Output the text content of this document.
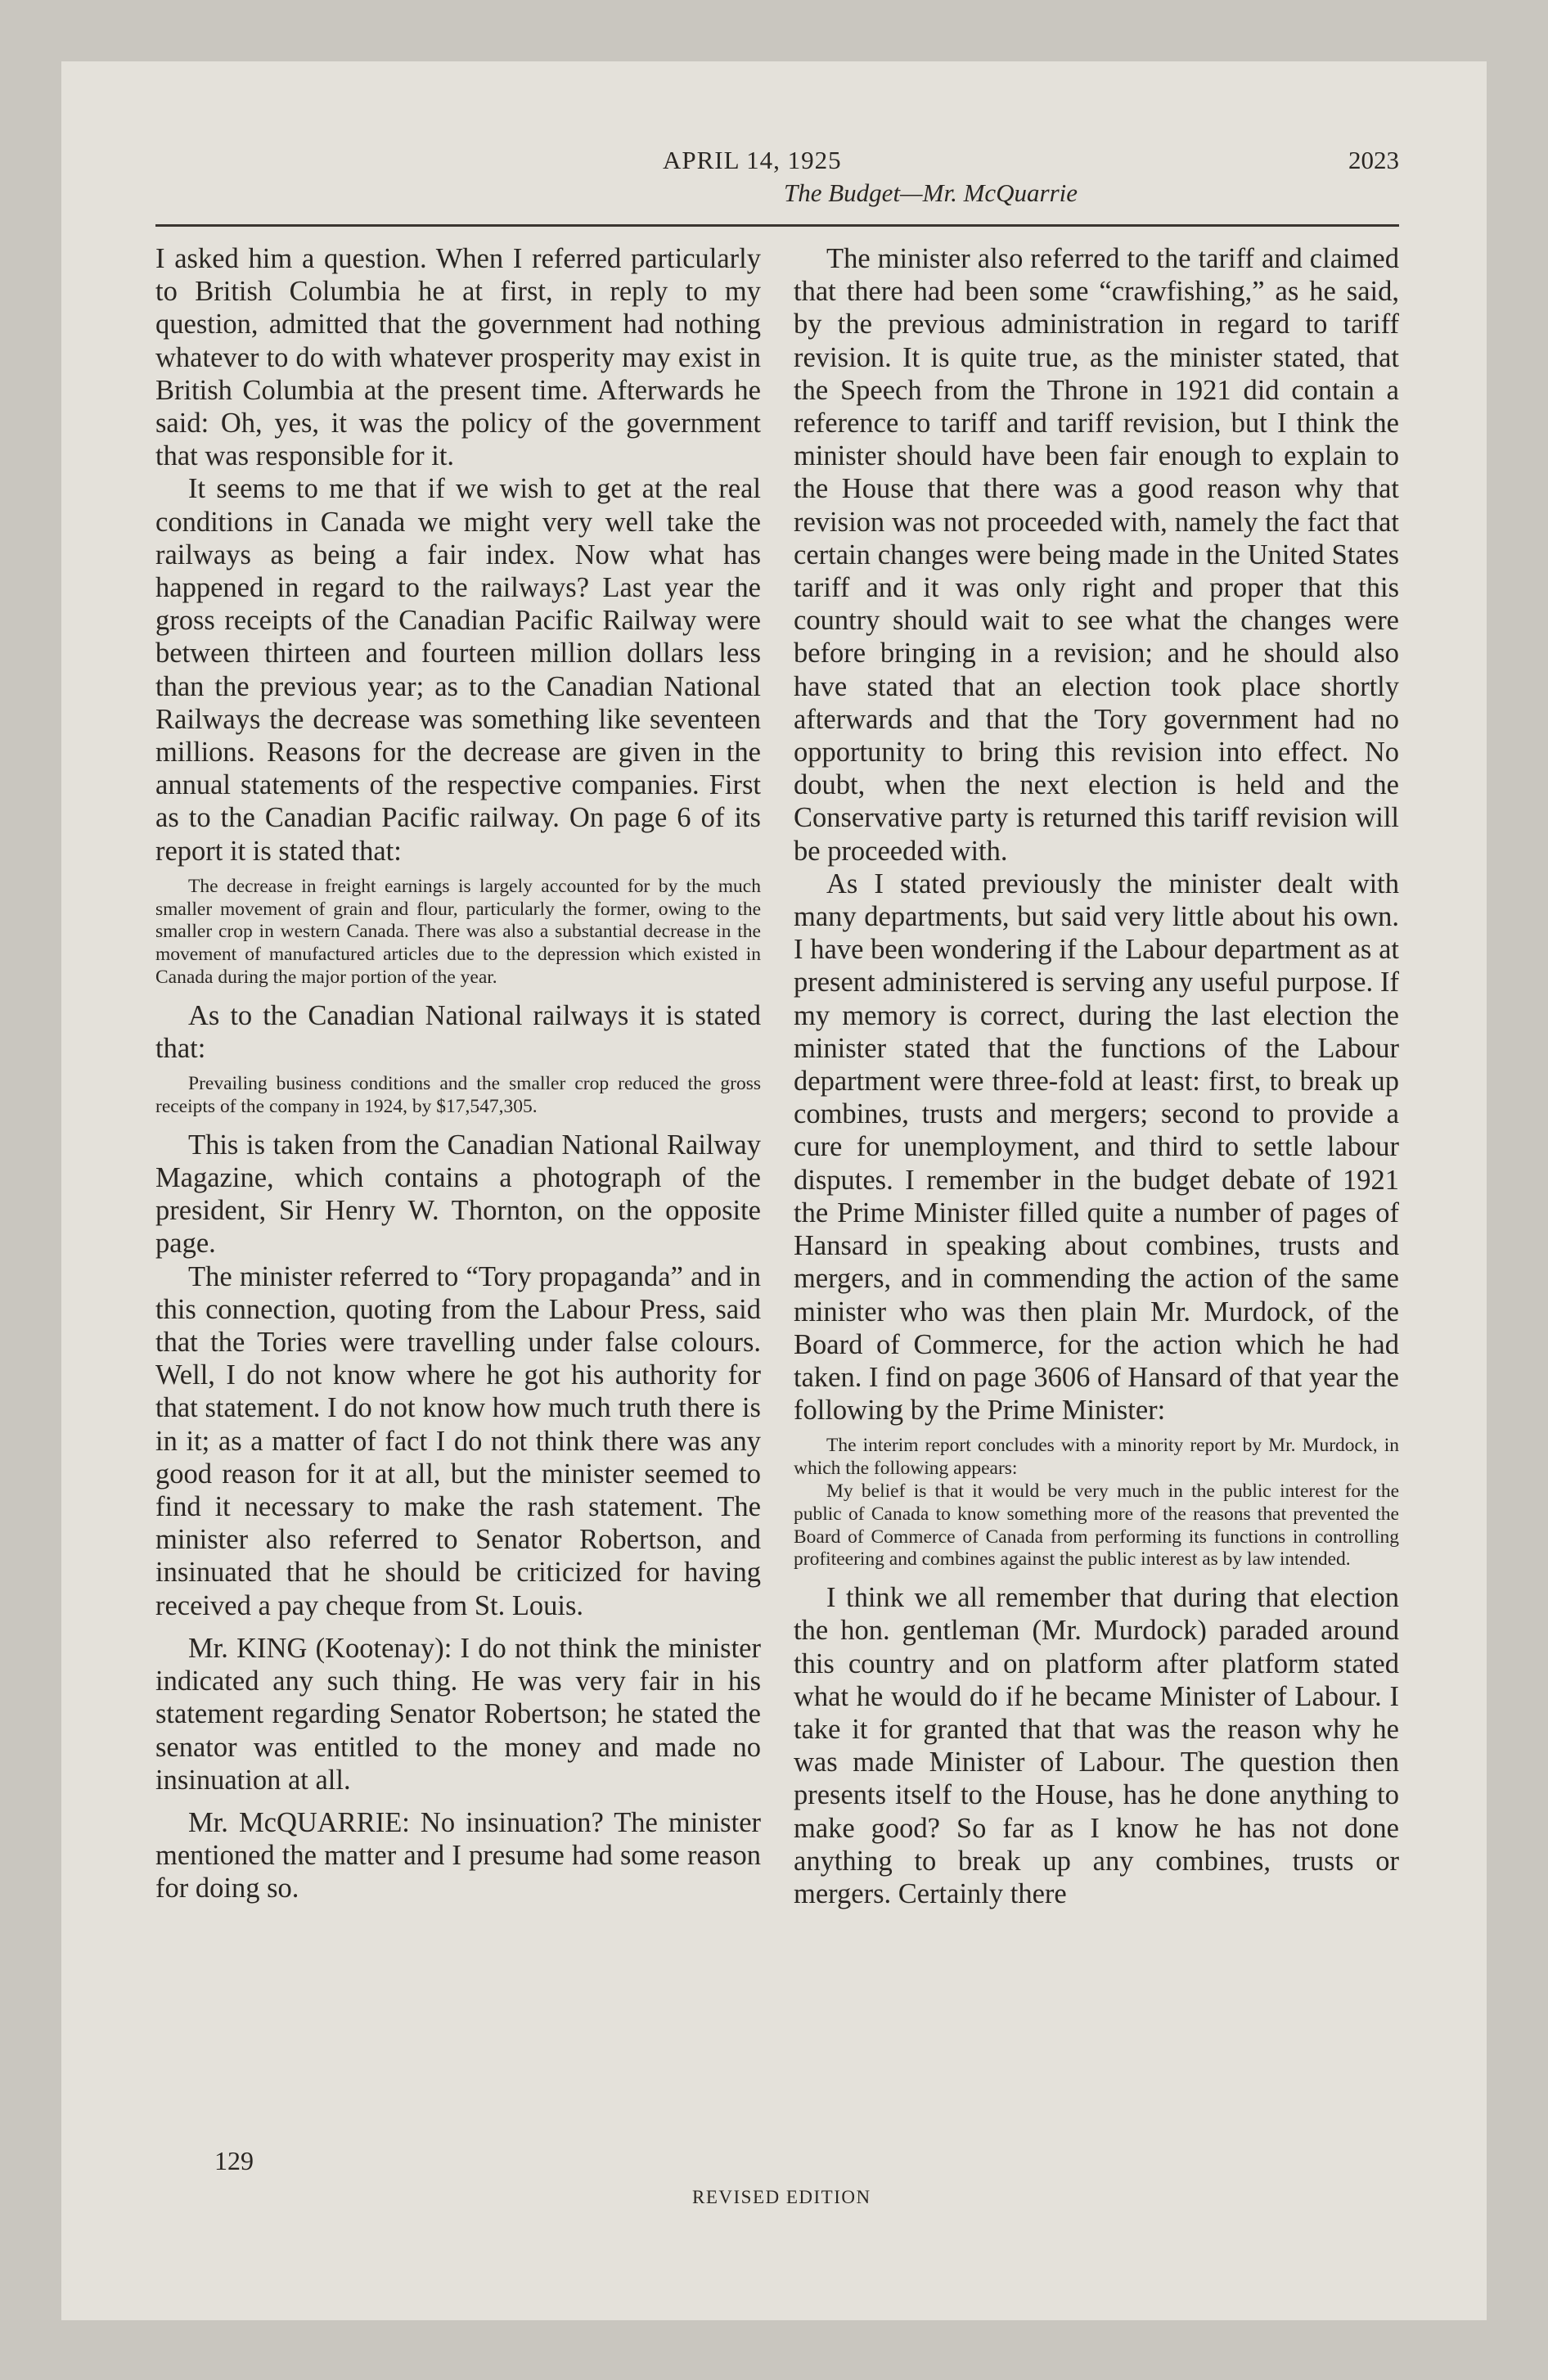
APRIL 14, 1925
The Budget—Mr. McQuarrie
2023

I asked him a question. When I referred particularly to British Columbia he at first, in reply to my question, admitted that the government had nothing whatever to do with whatever prosperity may exist in British Columbia at the present time. Afterwards he said: Oh, yes, it was the policy of the government that was responsible for it.

It seems to me that if we wish to get at the real conditions in Canada we might very well take the railways as being a fair index. Now what has happened in regard to the railways? Last year the gross receipts of the Canadian Pacific Railway were between thirteen and fourteen million dollars less than the previous year; as to the Canadian National Railways the decrease was something like seventeen millions. Reasons for the decrease are given in the annual statements of the respective companies. First as to the Canadian Pacific railway. On page 6 of its report it is stated that:

The decrease in freight earnings is largely accounted for by the much smaller movement of grain and flour, particularly the former, owing to the smaller crop in western Canada. There was also a substantial decrease in the movement of manufactured articles due to the depression which existed in Canada during the major portion of the year.

As to the Canadian National railways it is stated that:

Prevailing business conditions and the smaller crop reduced the gross receipts of the company in 1924, by $17,547,305.

This is taken from the Canadian National Railway Magazine, which contains a photograph of the president, Sir Henry W. Thornton, on the opposite page.

The minister referred to “Tory propaganda” and in this connection, quoting from the Labour Press, said that the Tories were travelling under false colours. Well, I do not know where he got his authority for that statement. I do not know how much truth there is in it; as a matter of fact I do not think there was any good reason for it at all, but the minister seemed to find it necessary to make the rash statement. The minister also referred to Senator Robertson, and insinuated that he should be criticized for having received a pay cheque from St. Louis.

Mr. KING (Kootenay): I do not think the minister indicated any such thing. He was very fair in his statement regarding Senator Robertson; he stated the senator was entitled to the money and made no insinuation at all.

Mr. McQUARRIE: No insinuation? The minister mentioned the matter and I presume had some reason for doing so.

The minister also referred to the tariff and claimed that there had been some “crawfishing,” as he said, by the previous administration in regard to tariff revision. It is quite true, as the minister stated, that the Speech from the Throne in 1921 did contain a reference to tariff and tariff revision, but I think the minister should have been fair enough to explain to the House that there was a good reason why that revision was not proceeded with, namely the fact that certain changes were being made in the United States tariff and it was only right and proper that this country should wait to see what the changes were before bringing in a revision; and he should also have stated that an election took place shortly afterwards and that the Tory government had no opportunity to bring this revision into effect. No doubt, when the next election is held and the Conservative party is returned this tariff revision will be proceeded with.

As I stated previously the minister dealt with many departments, but said very little about his own. I have been wondering if the Labour department as at present administered is serving any useful purpose. If my memory is correct, during the last election the minister stated that the functions of the Labour department were three-fold at least: first, to break up combines, trusts and mergers; second to provide a cure for unemployment, and third to settle labour disputes. I remember in the budget debate of 1921 the Prime Minister filled quite a number of pages of Hansard in speaking about combines, trusts and mergers, and in commending the action of the same minister who was then plain Mr. Murdock, of the Board of Commerce, for the action which he had taken. I find on page 3606 of Hansard of that year the following by the Prime Minister:

The interim report concludes with a minority report by Mr. Murdock, in which the following appears:

My belief is that it would be very much in the public interest for the public of Canada to know something more of the reasons that prevented the Board of Commerce of Canada from performing its functions in controlling profiteering and combines against the public interest as by law intended.

I think we all remember that during that election the hon. gentleman (Mr. Murdock) paraded around this country and on platform after platform stated what he would do if he became Minister of Labour. I take it for granted that that was the reason why he was made Minister of Labour. The question then presents itself to the House, has he done anything to make good? So far as I know he has not done anything to break up any combines, trusts or mergers. Certainly there

129
REVISED EDITION
